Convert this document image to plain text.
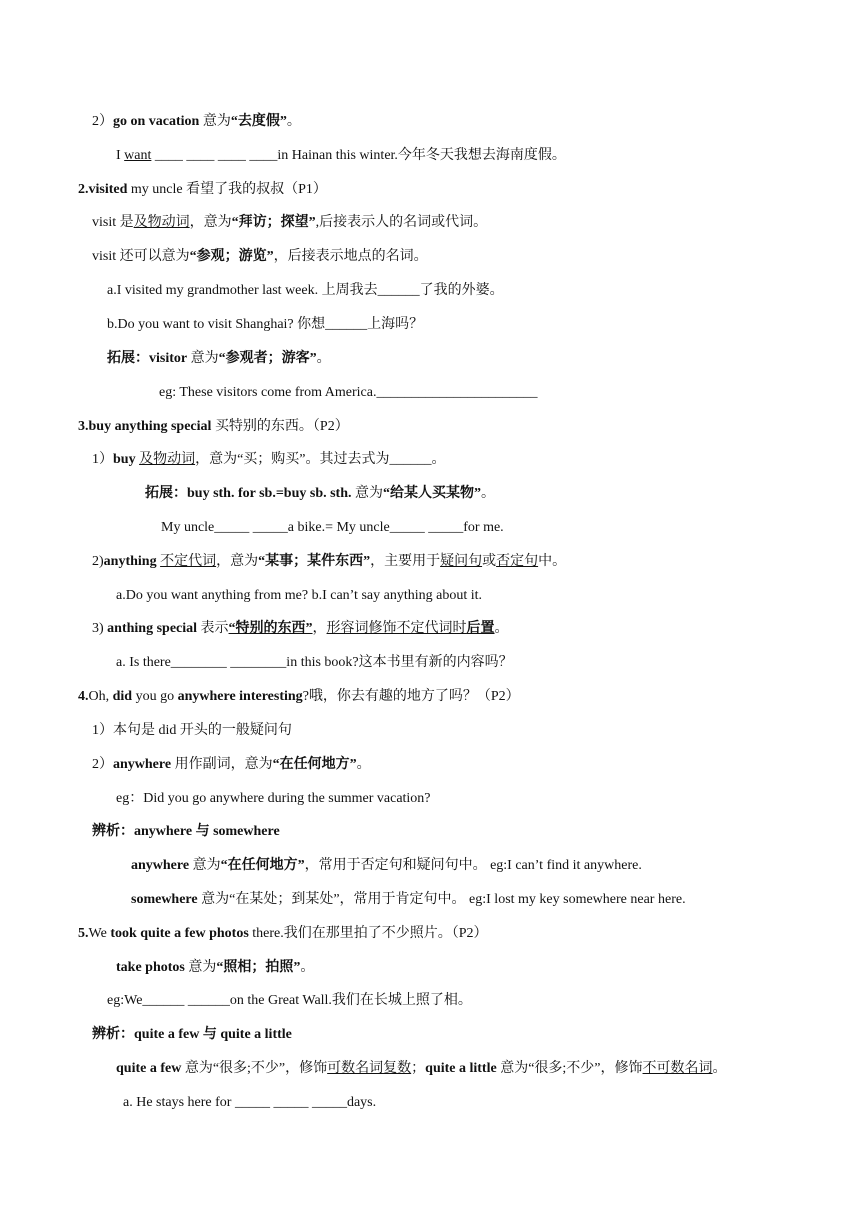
2）go on vacation 意为“去度假”。
I want ____ ____ ____ ____in Hainan this winter.今年冬天我想去海南度假。
2.visited my uncle 看望了我的叔叔（P1）
visit 是及物动词，意为“拜访；探望”,后接表示人的名词或代词。
visit 还可以意为“参观；游览”，后接表示地点的名词。
a.I visited my grandmother last week. 上周我去______了我的外婆。
b.Do you want to visit Shanghai? 你想______上海吗？
拓展：visitor 意为“参观者；游客”。
eg: These visitors come from America._______________________
3.buy anything special 买特别的东西。（P2）
1）buy 及物动词，意为“买；购买”。其过去式为______。
拓展：buy sth. for sb.=buy sb. sth. 意为“给某人买某物”。
My uncle_____ _____a bike.= My uncle_____ _____for me.
2)anything 不定代词，意为“某事；某件东西”，主要用于疑问句或否定句中。
a.Do you want anything from me? b.I can’t say anything about it.
3) anthing special 表示“特别的东西”，形容词修饰不定代词时后置。
a. Is there________ ________in this book?这本书里有新的内容吗？
4.Oh, did you go anywhere interesting?哦，你去有趣的地方了吗？（P2）
1）本句是 did 开头的一般疑问句
2）anywhere 用作副词，意为“在任何地方”。
eg：Did you go anywhere during the summer vacation?
辨析：anywhere 与 somewhere
anywhere 意为“在任何地方”，常用于否定句和疑问句中。 eg:I can’t find it anywhere.
somewhere 意为“在某处；到某处”，常用于肯定句中。 eg:I lost my key somewhere near here.
5.We took quite a few photos there.我们在那里拍了不少照片。（P2）
take photos 意为“照相；拍照”。
eg:We______ ______on the Great Wall.我们在长城上照了相。
辨析：quite a few 与 quite a little
quite a few 意为“很多;不少”，修饰可数名词复数；quite a little 意为“很多;不少”，修饰不可数名词。
a. He stays here for _____ _____ _____days.
